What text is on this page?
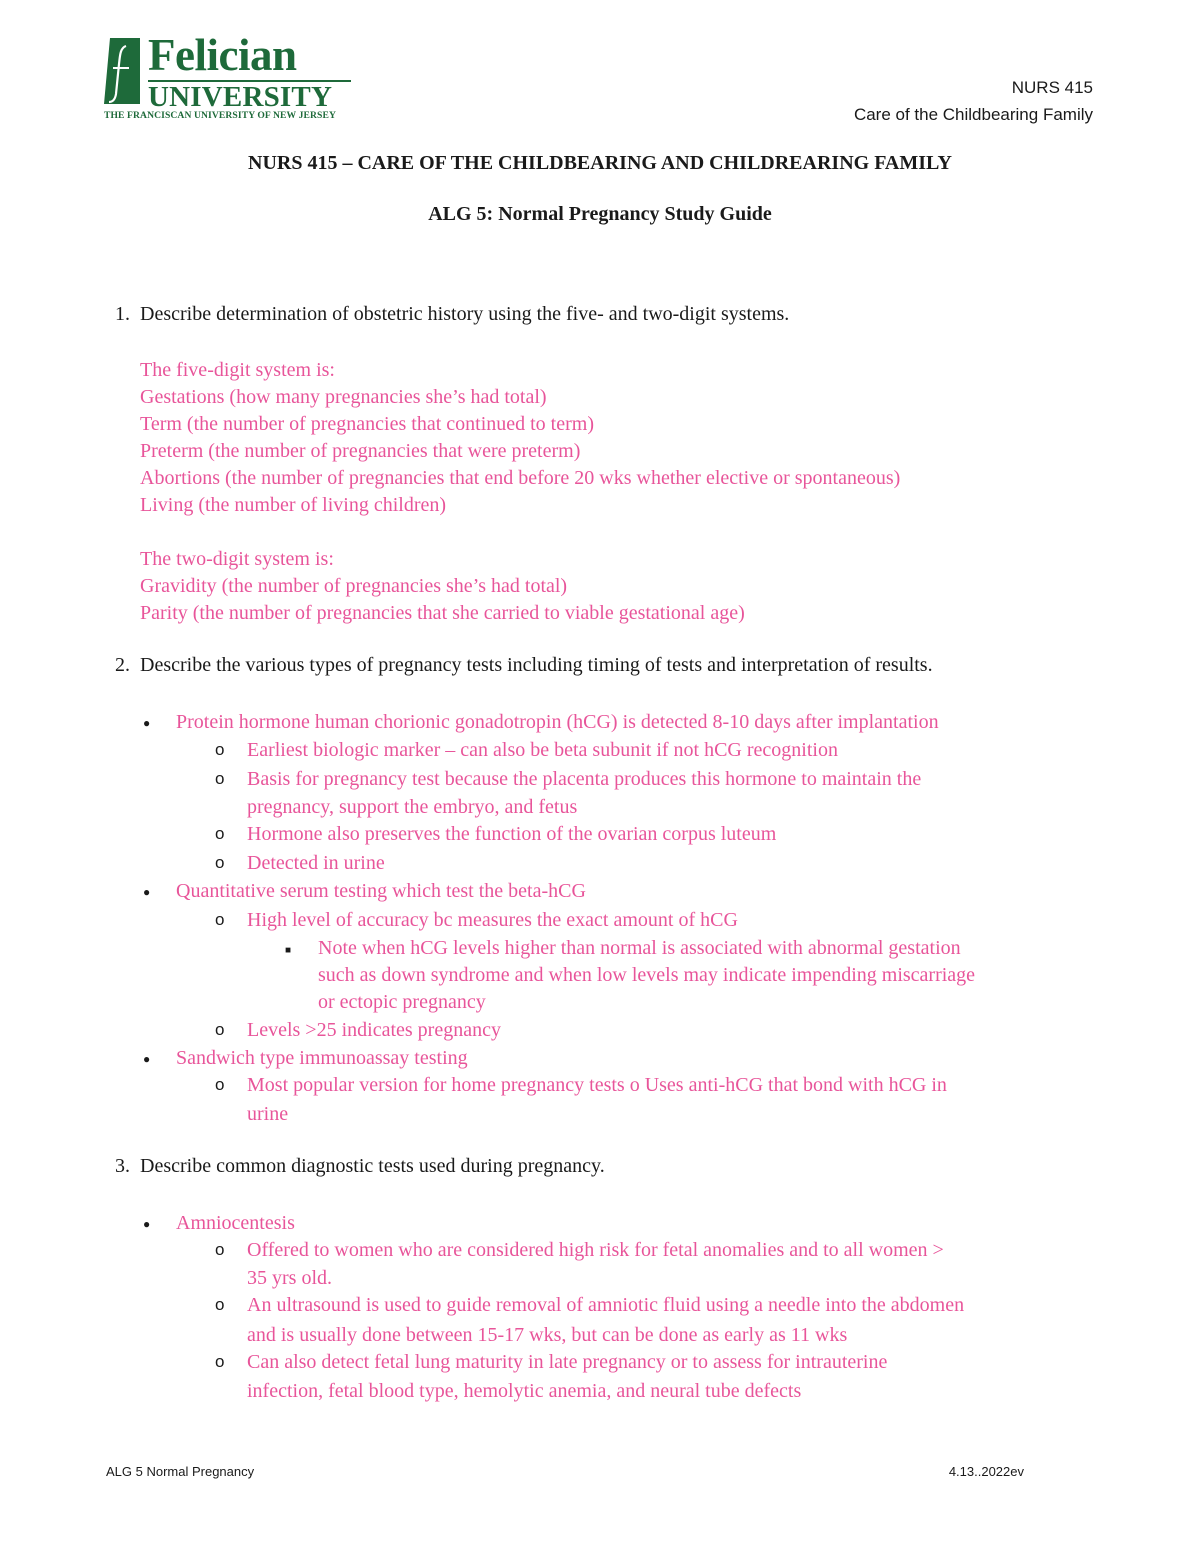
Felician
UNIVERSITY
THE FRANCISCAN UNIVERSITY OF NEW JERSEY
NURS 415
Care of the Childbearing Family
NURS 415 – CARE OF THE CHILDBEARING AND CHILDREARING FAMILY
ALG 5: Normal Pregnancy Study Guide
1. Describe determination of obstetric history using the five- and two-digit systems.
The five-digit system is:
Gestations (how many pregnancies she’s had total)
Term (the number of pregnancies that continued to term)
Preterm (the number of pregnancies that were preterm)
Abortions (the number of pregnancies that end before 20 wks whether elective or spontaneous)
Living (the number of living children)
The two-digit system is:
Gravidity (the number of pregnancies she’s had total)
Parity (the number of pregnancies that she carried to viable gestational age)
2. Describe the various types of pregnancy tests including timing of tests and interpretation of results.
● Protein hormone human chorionic gonadotropin (hCG) is detected 8-10 days after implantation
o Earliest biologic marker – can also be beta subunit if not hCG recognition
o Basis for pregnancy test because the placenta produces this hormone to maintain the
pregnancy, support the embryo, and fetus
o Hormone also preserves the function of the ovarian corpus luteum
o Detected in urine
● Quantitative serum testing which test the beta-hCG
o High level of accuracy bc measures the exact amount of hCG
■ Note when hCG levels higher than normal is associated with abnormal gestation
such as down syndrome and when low levels may indicate impending miscarriage
or ectopic pregnancy
o Levels >25 indicates pregnancy
● Sandwich type immunoassay testing
o Most popular version for home pregnancy tests o Uses anti-hCG that bond with hCG in
urine
3. Describe common diagnostic tests used during pregnancy.
● Amniocentesis
o Offered to women who are considered high risk for fetal anomalies and to all women >
35 yrs old.
o An ultrasound is used to guide removal of amniotic fluid using a needle into the abdomen
and is usually done between 15-17 wks, but can be done as early as 11 wks
o Can also detect fetal lung maturity in late pregnancy or to assess for intrauterine
infection, fetal blood type, hemolytic anemia, and neural tube defects
ALG 5 Normal Pregnancy	4.13..2022ev
